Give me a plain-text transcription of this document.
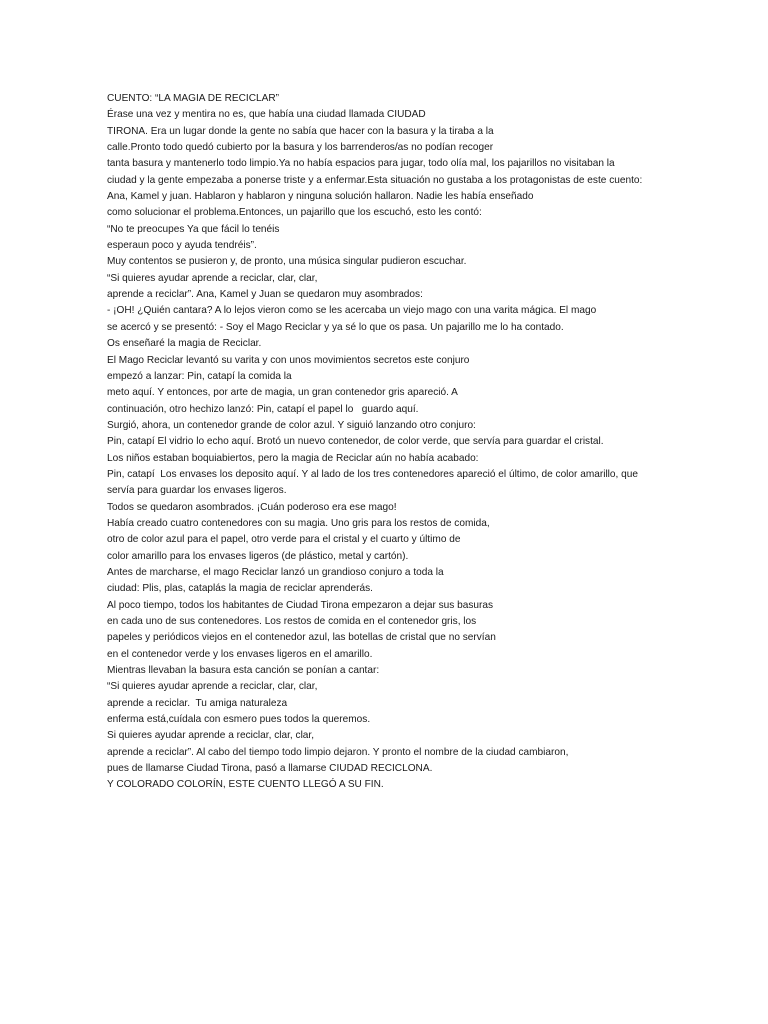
CUENTO: “LA MAGIA DE RECICLAR”
Érase una vez y mentira no es, que había una ciudad llamada CIUDAD
TIRONA. Era un lugar donde la gente no sabía que hacer con la basura y la tiraba a la
calle.Pronto todo quedó cubierto por la basura y los barrenderos/as no podían recoger
tanta basura y mantenerlo todo limpio.Ya no había espacios para jugar, todo olía mal, los pajarillos no visitaban la
ciudad y la gente empezaba a ponerse triste y a enfermar.Esta situación no gustaba a los protagonistas de este cuento:
Ana, Kamel y juan. Hablaron y hablaron y ninguna solución hallaron. Nadie les había enseñado
como solucionar el problema.Entonces, un pajarillo que los escuchó, esto les contó:
“No te preocupes Ya que fácil lo tenéis
esperaun poco y ayuda tendréis”.
Muy contentos se pusieron y, de pronto, una música singular pudieron escuchar.
“Si quieres ayudar aprende a reciclar, clar, clar,
aprende a reciclar”. Ana, Kamel y Juan se quedaron muy asombrados:
- ¡OH! ¿Quién cantara? A lo lejos vieron como se les acercaba un viejo mago con una varita mágica. El mago
se acercó y se presentó: - Soy el Mago Reciclar y ya sé lo que os pasa. Un pajarillo me lo ha contado.
Os enseñaré la magia de Reciclar.
El Mago Reciclar levantó su varita y con unos movimientos secretos este conjuro
empezó a lanzar: Pin, catapí la comida la
meto aquí. Y entonces, por arte de magia, un gran contenedor gris apareció. A
continuación, otro hechizo lanzó: Pin, catapí el papel lo   guardo aquí.
Surgió, ahora, un contenedor grande de color azul. Y siguió lanzando otro conjuro:
Pin, catapí El vidrio lo echo aquí. Brotó un nuevo contenedor, de color verde, que servía para guardar el cristal.
Los niños estaban boquiabiertos, pero la magia de Reciclar aún no había acabado:
Pin, catapí  Los envases los deposito aquí. Y al lado de los tres contenedores apareció el último, de color amarillo, que
servía para guardar los envases ligeros.
Todos se quedaron asombrados. ¡Cuán poderoso era ese mago!
Había creado cuatro contenedores con su magia. Uno gris para los restos de comida,
otro de color azul para el papel, otro verde para el cristal y el cuarto y último de
color amarillo para los envases ligeros (de plástico, metal y cartón).
Antes de marcharse, el mago Reciclar lanzó un grandioso conjuro a toda la
ciudad: Plis, plas, cataplás la magia de reciclar aprenderás.
Al poco tiempo, todos los habitantes de Ciudad Tirona empezaron a dejar sus basuras
en cada uno de sus contenedores. Los restos de comida en el contenedor gris, los
papeles y periódicos viejos en el contenedor azul, las botellas de cristal que no servían
en el contenedor verde y los envases ligeros en el amarillo.
Mientras llevaban la basura esta canción se ponían a cantar:
“Si quieres ayudar aprende a reciclar, clar, clar,
aprende a reciclar.  Tu amiga naturaleza
enferma está,cuídala con esmero pues todos la queremos.
Si quieres ayudar aprende a reciclar, clar, clar,
aprende a reciclar”. Al cabo del tiempo todo limpio dejaron. Y pronto el nombre de la ciudad cambiaron,
pues de llamarse Ciudad Tirona, pasó a llamarse CIUDAD RECICLONA.
Y COLORADO COLORÍN, ESTE CUENTO LLEGÓ A SU FIN.
